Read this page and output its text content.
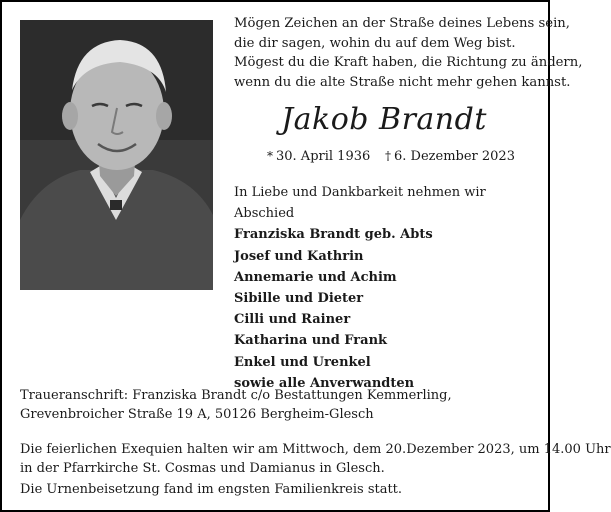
Mögen Zeichen an der Straße deines Lebens sein,
die dir sagen, wohin du auf dem Weg bist.
Mögest du die Kraft haben, die Richtung zu ändern,
wenn du die alte Straße nicht mehr gehen kannst.
Jakob Brandt
* 30. April 1936 † 6. Dezember 2023
In Liebe und Dankbarkeit nehmen wir Abschied
Franziska Brandt geb. Abts
Josef und Kathrin
Annemarie und Achim
Sibille und Dieter
Cilli und Rainer
Katharina und Frank
Enkel und Urenkel
sowie alle Anverwandten
Traueranschrift: Franziska Brandt c/o Bestattungen Kemmerling,
Grevenbroicher Straße 19 A, 50126 Bergheim-Glesch
Die feierlichen Exequien halten wir am Mittwoch, dem 20.Dezember 2023, um 14.00 Uhr
in der Pfarrkirche St. Cosmas und Damianus in Glesch.
Die Urnenbeisetzung fand im engsten Familienkreis statt.
